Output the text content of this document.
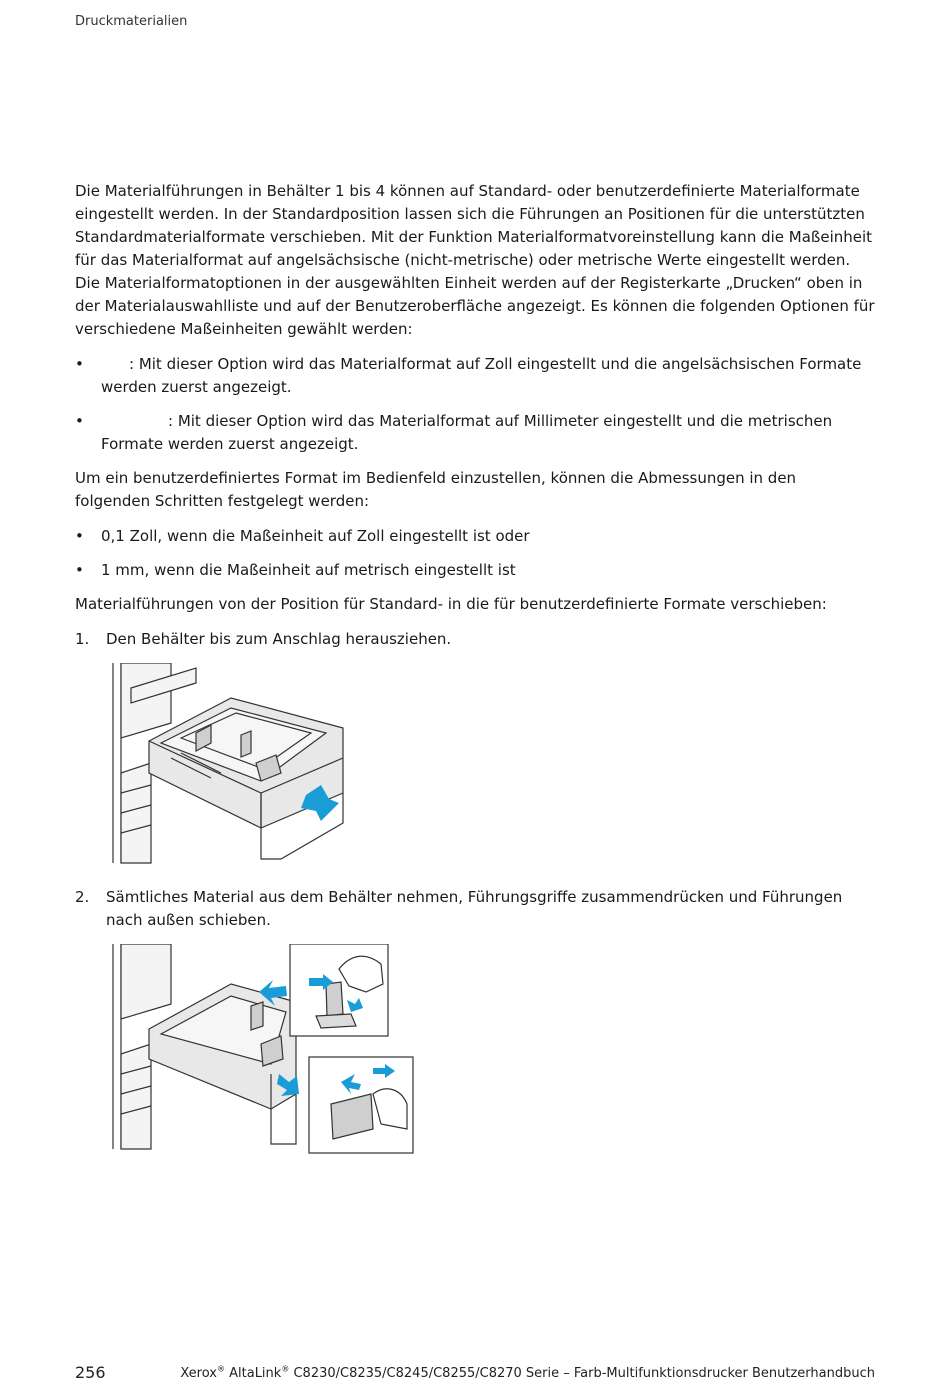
Druckmaterialien

Die Materialführungen in Behälter 1 bis 4 können auf Standard- oder benutzerdefinierte Materialformate eingestellt werden. In der Standardposition lassen sich die Führungen an Positionen für die unterstützten Standardmaterialformate verschieben. Mit der Funktion Materialformatvoreinstellung kann die Maßeinheit für das Materialformat auf angelsächsische (nicht-metrische) oder metrische Werte eingestellt werden. Die Materialformatoptionen in der ausgewählten Einheit werden auf der Registerkarte „Drucken“ oben in der Materialauswahlliste und auf der Benutzeroberfläche angezeigt. Es können die folgenden Optionen für verschiedene Maßeinheiten gewählt werden:

•	: Mit dieser Option wird das Materialformat auf Zoll eingestellt und die angelsächsischen Formate werden zuerst angezeigt.
•	: Mit dieser Option wird das Materialformat auf Millimeter eingestellt und die metrischen Formate werden zuerst angezeigt.

Um ein benutzerdefiniertes Format im Bedienfeld einzustellen, können die Abmessungen in den folgenden Schritten festgelegt werden:

• 0,1 Zoll, wenn die Maßeinheit auf Zoll eingestellt ist oder
• 1 mm, wenn die Maßeinheit auf metrisch eingestellt ist

Materialführungen von der Position für Standard- in die für benutzerdefinierte Formate verschieben:

1. Den Behälter bis zum Anschlag herausziehen.
2. Sämtliches Material aus dem Behälter nehmen, Führungsgriffe zusammendrücken und Führungen nach außen schieben.
256	Xerox® AltaLink® C8230/C8235/C8245/C8255/C8270 Serie – Farb-Multifunktionsdrucker Benutzerhandbuch
